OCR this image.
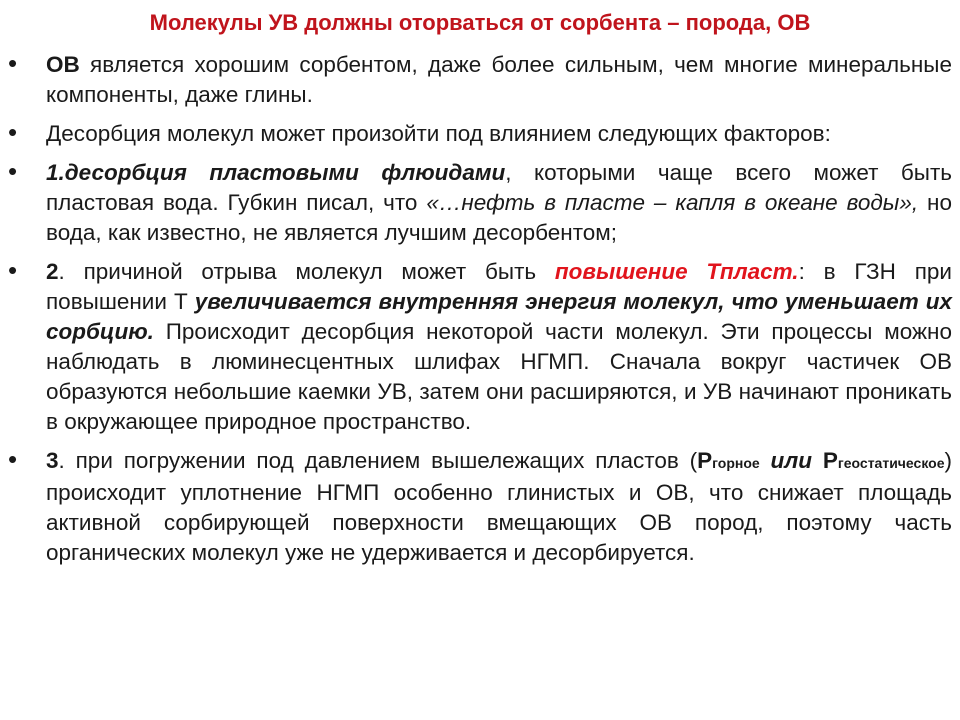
Молекулы УВ должны оторваться от сорбента – порода, ОВ
• ОВ является хорошим сорбентом, даже более сильным, чем многие минеральные компоненты, даже глины.
• Десорбция молекул может произойти под влиянием следующих факторов:
• 1.десорбция пластовыми флюидами, которыми чаще всего может быть пластовая вода. Губкин писал, что «…нефть в пласте – капля в океане воды», но вода, как известно, не является лучшим десорбентом;
• 2. причиной отрыва молекул может быть повышение Тпласт.: в ГЗН при повышении Т увеличивается внутренняя энергия молекул, что уменьшает их сорбцию. Происходит десорбция некоторой части молекул. Эти процессы можно наблюдать в люминесцентных шлифах НГМП. Сначала вокруг частичек ОВ образуются небольшие каемки УВ, затем они расширяются, и УВ начинают проникать в окружающее природное пространство.
• 3. при погружении под давлением вышележащих пластов (Ргорное или Ргеостатическое) происходит уплотнение НГМП особенно глинистых и ОВ, что снижает площадь активной сорбирующей поверхности вмещающих ОВ пород, поэтому часть органических молекул уже не удерживается и десорбируется.
